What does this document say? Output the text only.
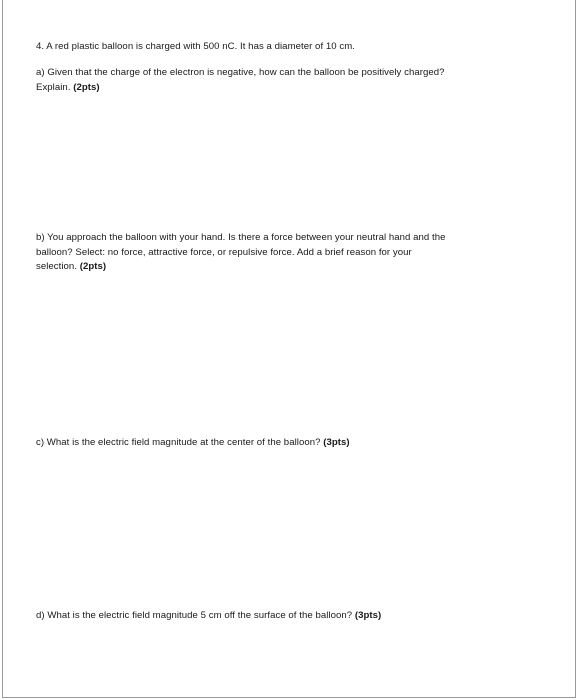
4. A red plastic balloon is charged with 500 nC. It has a diameter of 10 cm.
a) Given that the charge of the electron is negative, how can the balloon be positively charged?
Explain. (2pts)
b) You approach the balloon with your hand. Is there a force between your neutral hand and the
balloon? Select: no force, attractive force, or repulsive force. Add a brief reason for your
selection. (2pts)
c) What is the electric field magnitude at the center of the balloon? (3pts)
d) What is the electric field magnitude 5 cm off the surface of the balloon? (3pts)
